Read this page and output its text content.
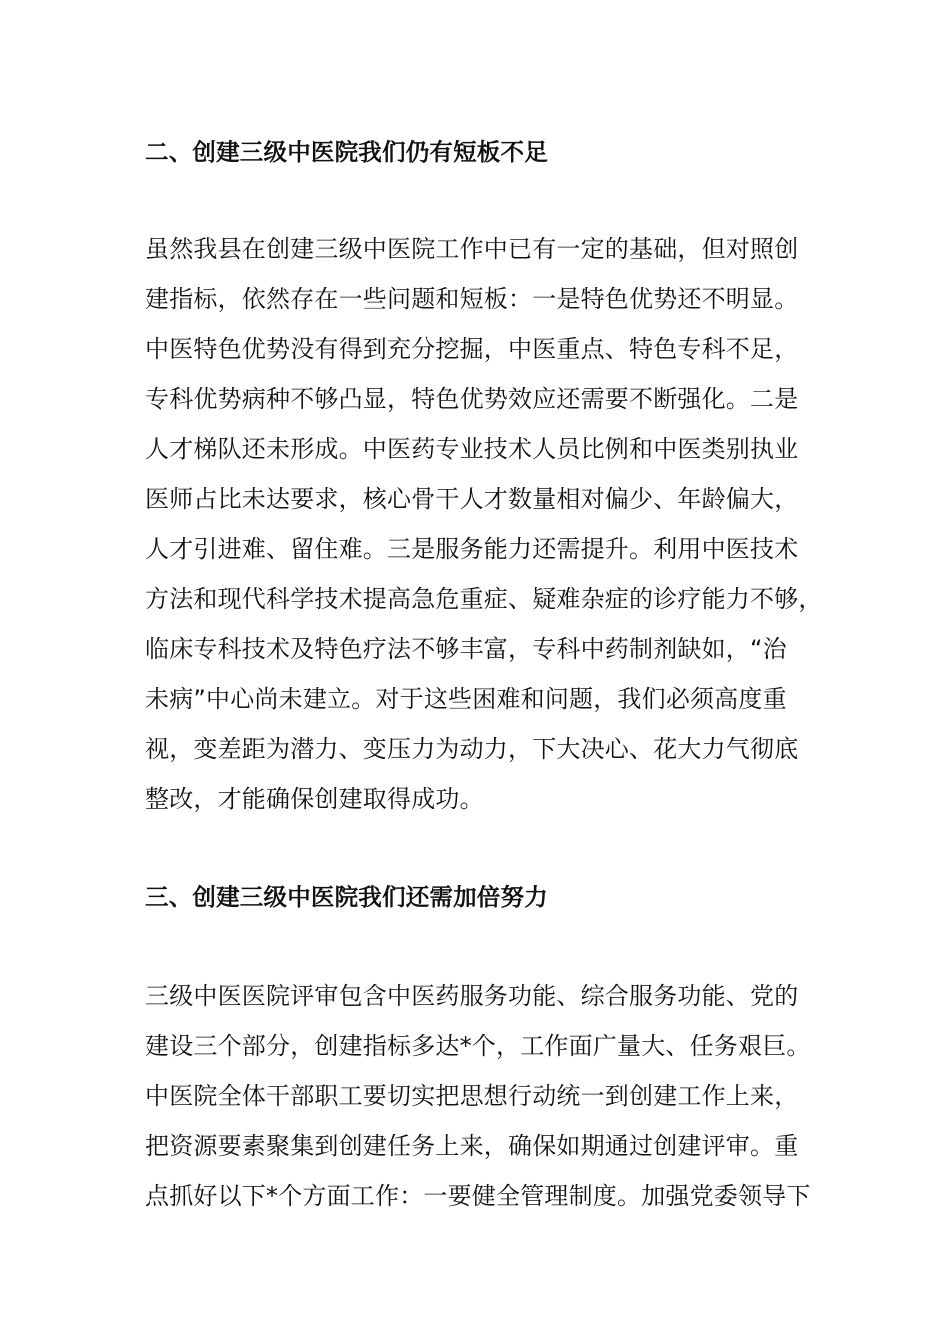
二、创建三级中医院我们仍有短板不足
虽然我县在创建三级中医院工作中已有一定的基础，但对照创
建指标，依然存在一些问题和短板：一是特色优势还不明显。
中医特色优势没有得到充分挖掘，中医重点、特色专科不足，
专科优势病种不够凸显，特色优势效应还需要不断强化。二是
人才梯队还未形成。中医药专业技术人员比例和中医类别执业
医师占比未达要求，核心骨干人才数量相对偏少、年龄偏大，
人才引进难、留住难。三是服务能力还需提升。利用中医技术
方法和现代科学技术提高急危重症、疑难杂症的诊疗能力不够，
临床专科技术及特色疗法不够丰富，专科中药制剂缺如，“治
未病”中心尚未建立。对于这些困难和问题，我们必须高度重
视，变差距为潜力、变压力为动力，下大决心、花大力气彻底
整改，才能确保创建取得成功。
三、创建三级中医院我们还需加倍努力
三级中医医院评审包含中医药服务功能、综合服务功能、党的
建设三个部分，创建指标多达*个，工作面广量大、任务艰巨。
中医院全体干部职工要切实把思想行动统一到创建工作上来，
把资源要素聚集到创建任务上来，确保如期通过创建评审。重
点抓好以下*个方面工作：一要健全管理制度。加强党委领导下
